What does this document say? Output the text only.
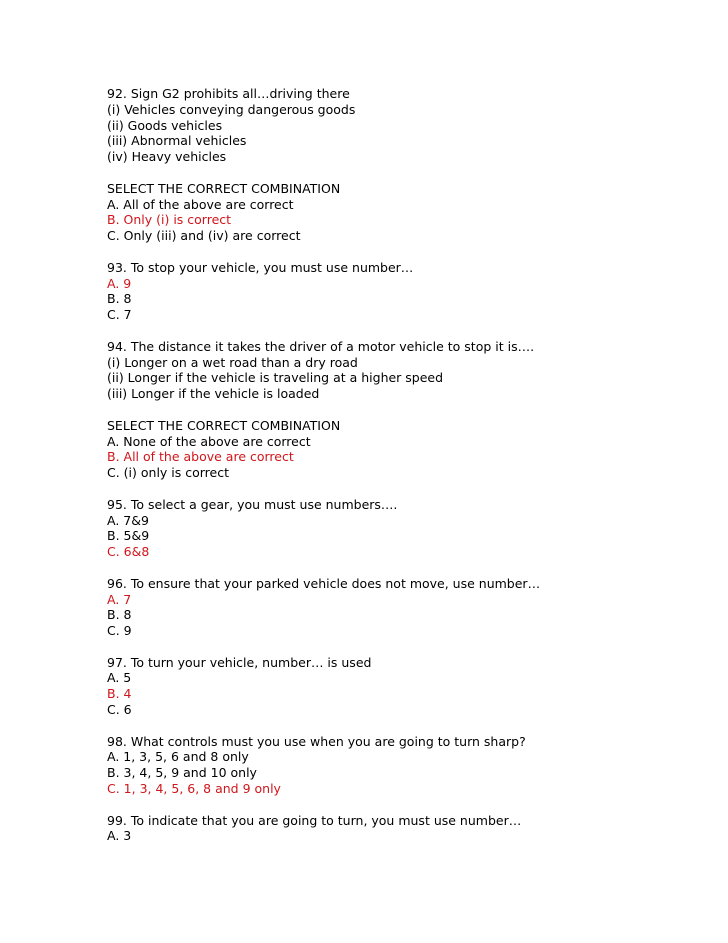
92. Sign G2 prohibits all…driving there
(i) Vehicles conveying dangerous goods
(ii) Goods vehicles
(iii) Abnormal vehicles
(iv) Heavy vehicles
SELECT THE CORRECT COMBINATION
A. All of the above are correct
B. Only (i) is correct
C. Only (iii) and (iv) are correct
93. To stop your vehicle, you must use number…
A. 9
B. 8
C. 7
94. The distance it takes the driver of a motor vehicle to stop it is….
(i) Longer on a wet road than a dry road
(ii) Longer if the vehicle is traveling at a higher speed
(iii) Longer if the vehicle is loaded
SELECT THE CORRECT COMBINATION
A. None of the above are correct
B. All of the above are correct
C. (i) only is correct
95. To select a gear, you must use numbers….
A. 7&9
B. 5&9
C. 6&8
96. To ensure that your parked vehicle does not move, use number…
A. 7
B. 8
C. 9
97. To turn your vehicle, number… is used
A. 5
B. 4
C. 6
98. What controls must you use when you are going to turn sharp?
A. 1, 3, 5, 6 and 8 only
B. 3, 4, 5, 9 and 10 only
C. 1, 3, 4, 5, 6, 8 and 9 only
99. To indicate that you are going to turn, you must use number…
A. 3
